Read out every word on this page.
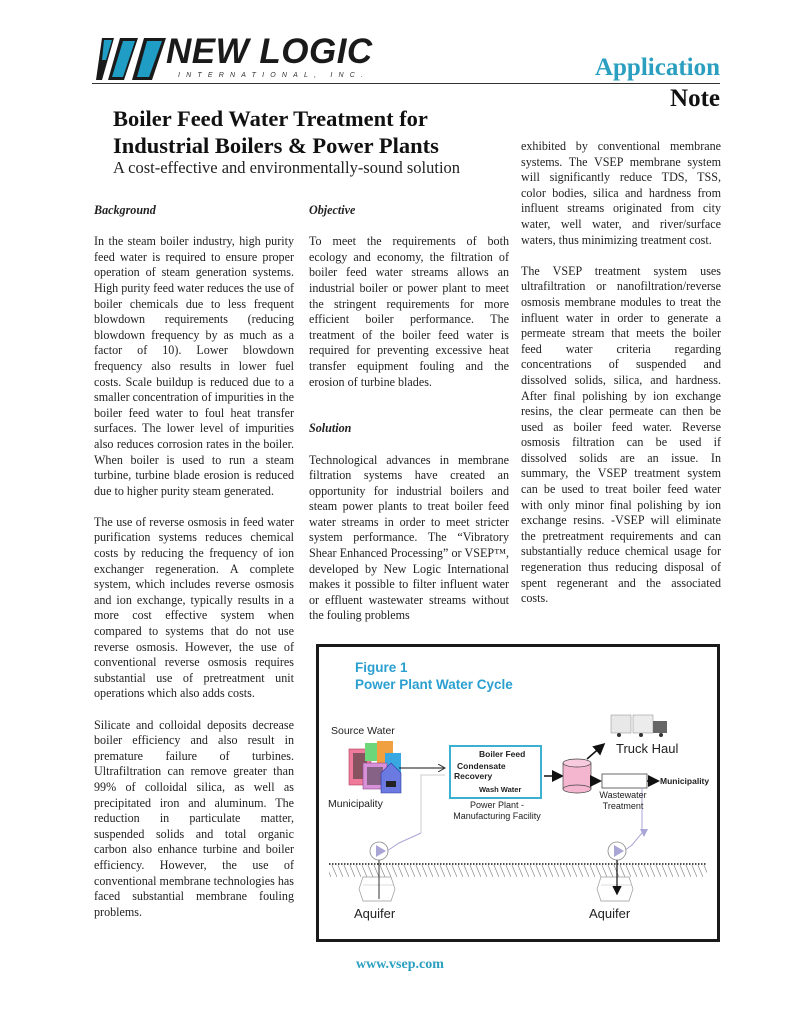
NEW LOGIC
INTERNATIONAL, INC.	Application
Note
Boiler Feed Water Treatment for
Industrial Boilers & Power Plants
A cost-effective and environmentally-sound solution
Background

In the steam boiler industry, high purity feed water is required to ensure proper operation of steam generation systems. High purity feed water reduces the use of boiler chemicals due to less frequent blowdown requirements (reducing blowdown frequency by as much as a factor of 10). Lower blowdown frequency also results in lower fuel costs. Scale buildup is reduced due to a smaller concentration of impurities in the boiler feed water to foul heat transfer surfaces. The lower level of impurities also reduces corrosion rates in the boiler. When boiler is used to run a steam turbine, turbine blade erosion is reduced due to higher purity steam generated.

The use of reverse osmosis in feed water purification systems reduces chemical costs by reducing the frequency of ion exchanger regeneration. A complete system, which includes reverse osmosis and ion exchange, typically results in a more cost effective system when compared to systems that do not use reverse osmosis. However, the use of conventional reverse osmosis requires substantial use of pretreatment unit operations which also adds costs.

Silicate and colloidal deposits decrease boiler efficiency and also result in premature failure of turbines. Ultrafiltration can remove greater than 99% of colloidal silica, as well as precipitated iron and aluminum. The reduction in particulate matter, suspended solids and total organic carbon also enhance turbine and boiler efficiency. However, the use of conventional membrane technologies has faced substantial membrane fouling problems.

Objective

To meet the requirements of both ecology and economy, the filtration of boiler feed water streams allows an industrial boiler or power plant to meet the stringent requirements for more efficient boiler performance. The treatment of the boiler feed water is required for preventing excessive heat transfer equipment fouling and the erosion of turbine blades.

Solution

Technological advances in membrane filtration systems have created an opportunity for industrial boilers and steam power plants to treat boiler feed water streams in order to meet stricter system performance. The “Vibratory Shear Enhanced Processing” or VSEP™, developed by New Logic International makes it possible to filter influent water or effluent wastewater streams without the fouling problems

exhibited by conventional membrane systems. The VSEP membrane system will significantly reduce TDS, TSS, color bodies, silica and hardness from influent streams originated from city water, well water, and river/surface waters, thus minimizing treatment cost.

The VSEP treatment system uses ultrafiltration or nanofiltration/reverse osmosis membrane modules to treat the influent water in order to generate a permeate stream that meets the boiler feed water criteria regarding concentrations of suspended and dissolved solids, silica, and hardness. After final polishing by ion exchange resins, the clear permeate can then be used as boiler feed water. Reverse osmosis filtration can be used if dissolved solids are an issue. In summary, the VSEP treatment system can be used to treat boiler feed water with only minor final polishing by ion exchange resins. -VSEP will eliminate the pretreatment requirements and can substantially reduce chemical usage for regeneration thus reducing disposal of spent regenerant and the associated costs.

Figure 1
Power Plant Water Cycle
Source Water
Municipality
Boiler Feed
Condensate
Recovery
Wash Water
Power Plant -
Manufacturing Facility
Truck Haul
Municipality
Wastewater
Treatment
Aquifer	Aquifer
www.vsep.com
